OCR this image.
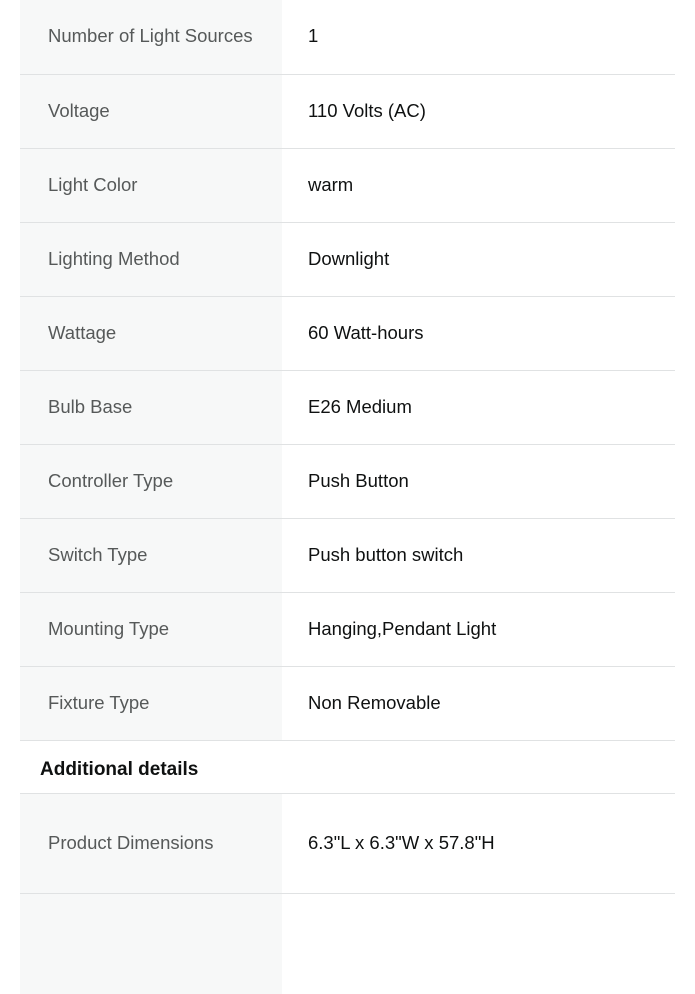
Number of Light Sources	1
Voltage	110 Volts (AC)
Light Color	warm
Lighting Method	Downlight
Wattage	60 Watt-hours
Bulb Base	E26 Medium
Controller Type	Push Button
Switch Type	Push button switch
Mounting Type	Hanging,Pendant Light
Fixture Type	Non Removable
Additional details
Product Dimensions	6.3"L x 6.3"W x 57.8"H
